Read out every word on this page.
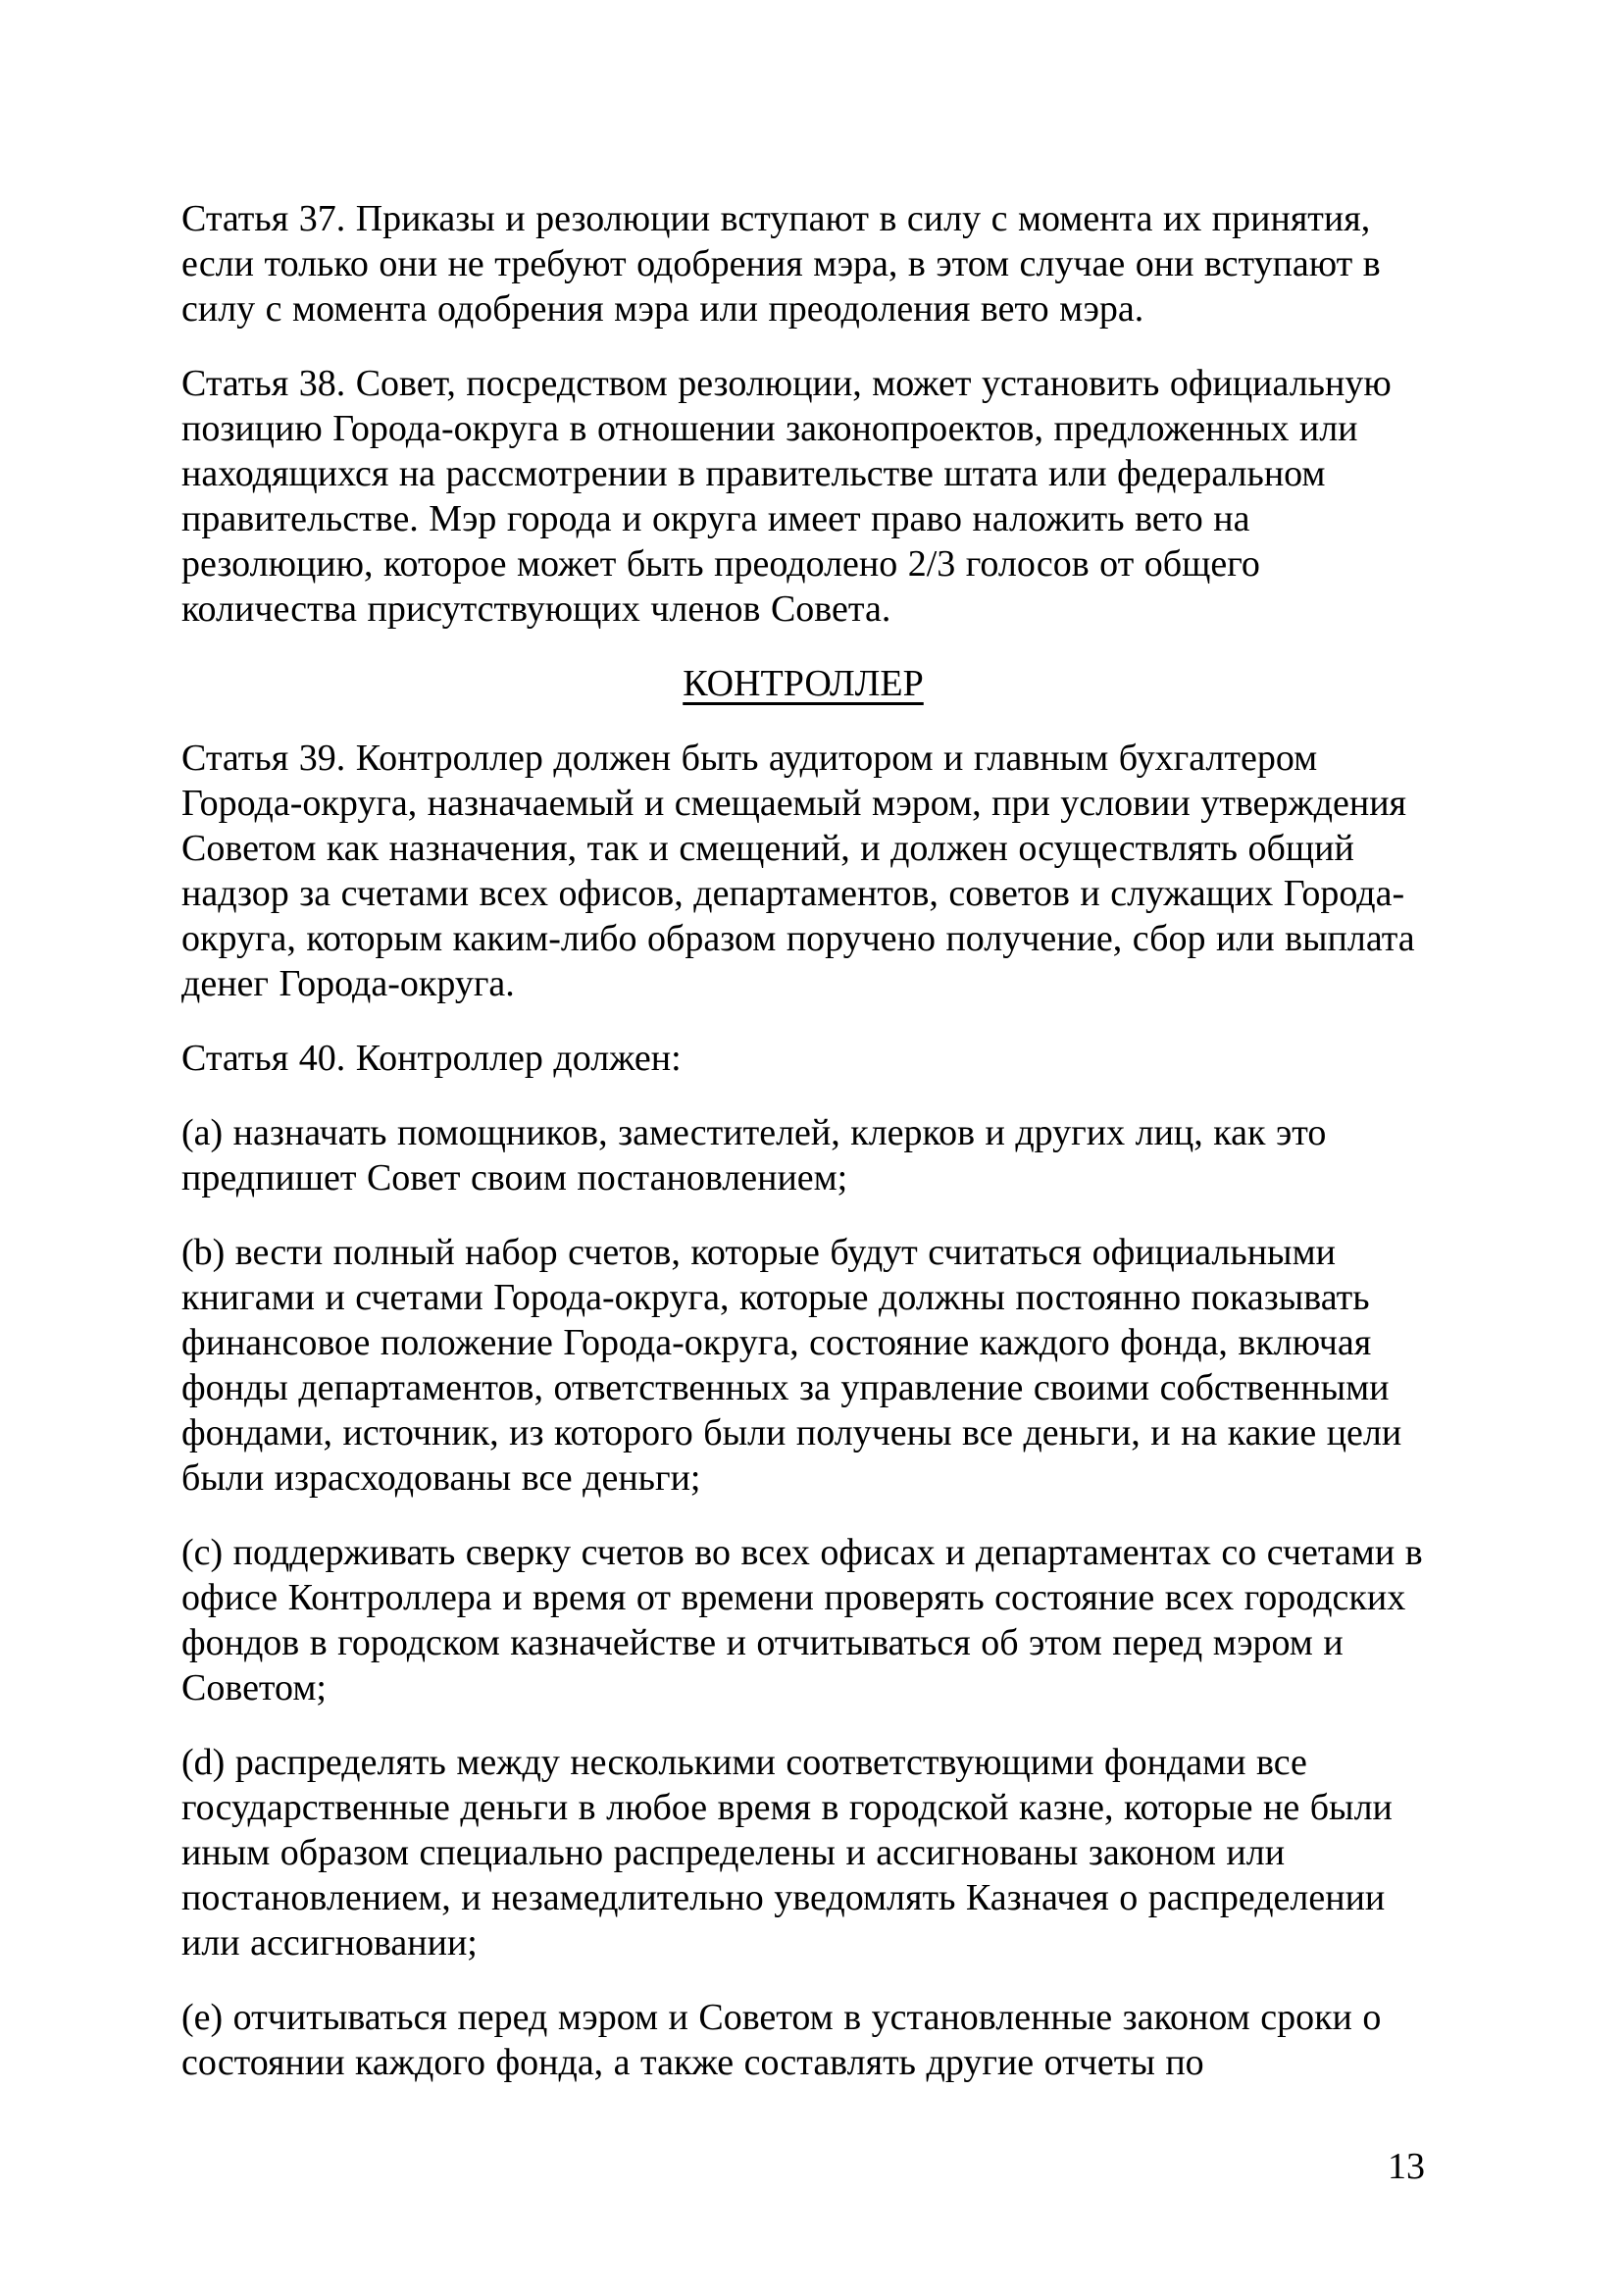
Статья 37. Приказы и резолюции вступают в силу с момента их принятия, если только они не требуют одобрения мэра, в этом случае они вступают в силу с момента одобрения мэра или преодоления вето мэра.

Статья 38. Совет, посредством резолюции, может установить официальную позицию Города-округа в отношении законопроектов, предложенных или находящихся на рассмотрении в правительстве штата или федеральном правительстве. Мэр города и округа имеет право наложить вето на резолюцию, которое может быть преодолено 2/3 голосов от общего количества присутствующих членов Совета.

КОНТРОЛЛЕР

Статья 39. Контроллер должен быть аудитором и главным бухгалтером Города-округа, назначаемый и смещаемый мэром, при условии утверждения Советом как назначения, так и смещений, и должен осуществлять общий надзор за счетами всех офисов, департаментов, советов и служащих Города-округа, которым каким-либо образом поручено получение, сбор или выплата денег Города-округа.

Статья 40. Контроллер должен:

(a) назначать помощников, заместителей, клерков и других лиц, как это предпишет Совет своим постановлением;

(b) вести полный набор счетов, которые будут считаться официальными книгами и счетами Города-округа, которые должны постоянно показывать финансовое положение Города-округа, состояние каждого фонда, включая фонды департаментов, ответственных за управление своими собственными фондами, источник, из которого были получены все деньги, и на какие цели были израсходованы все деньги;

(c) поддерживать сверку счетов во всех офисах и департаментах со счетами в офисе Контроллера и время от времени проверять состояние всех городских фондов в городском казначействе и отчитываться об этом перед мэром и Советом;

(d) распределять между несколькими соответствующими фондами все государственные деньги в любое время в городской казне, которые не были иным образом специально распределены и ассигнованы законом или постановлением, и незамедлительно уведомлять Казначея о распределении или ассигновании;

(e) отчитываться перед мэром и Советом в установленные законом сроки о состоянии каждого фонда, а также составлять другие отчеты по

13
